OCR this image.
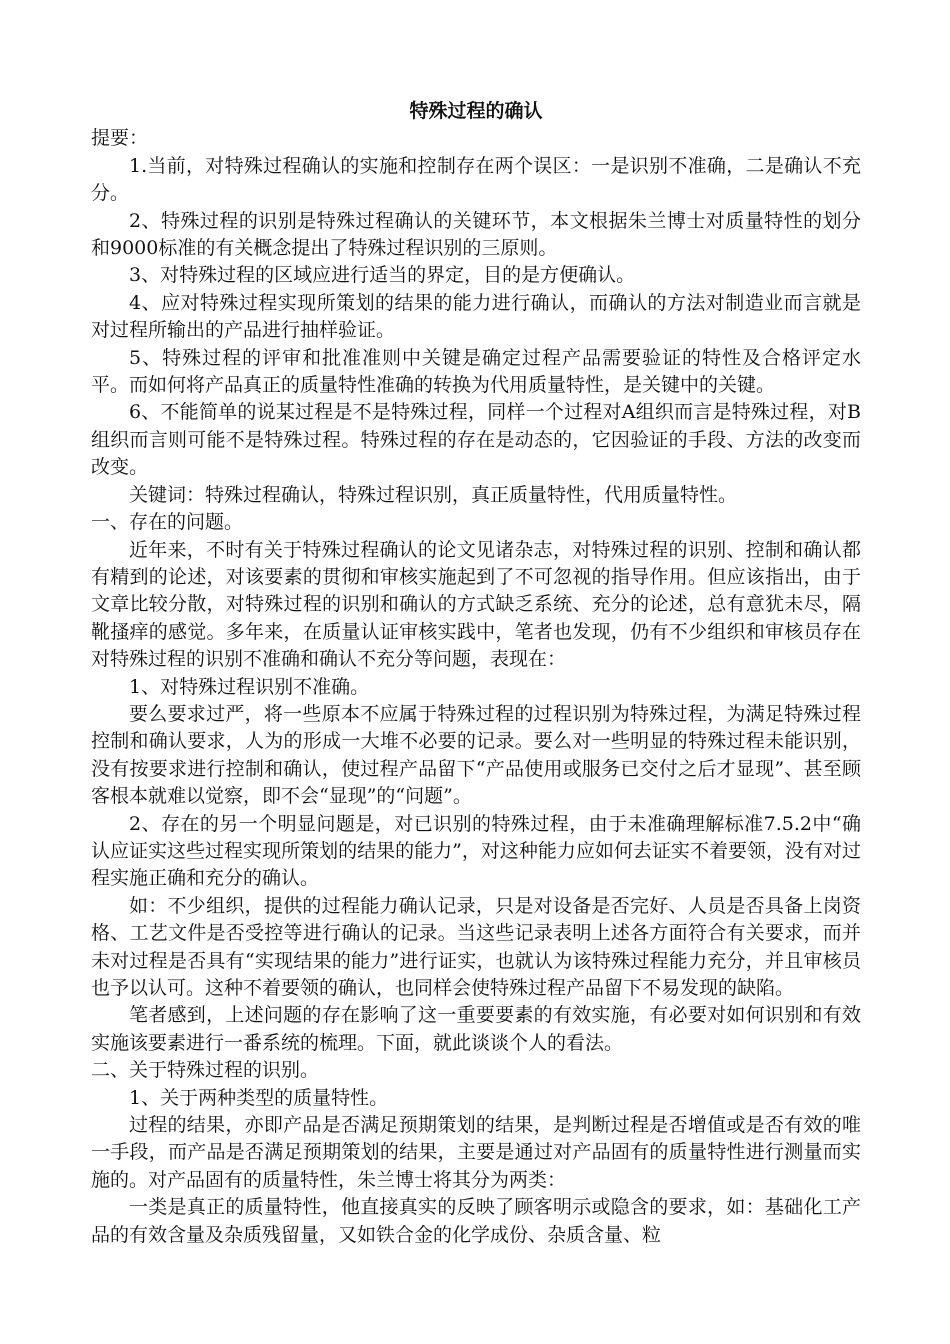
特殊过程的确认

提要：

1.当前，对特殊过程确认的实施和控制存在两个误区：一是识别不准确，二是确认不充分。

2、特殊过程的识别是特殊过程确认的关键环节，本文根据朱兰博士对质量特性的划分和9000标准的有关概念提出了特殊过程识别的三原则。

3、对特殊过程的区域应进行适当的界定，目的是方便确认。

4、应对特殊过程实现所策划的结果的能力进行确认，而确认的方法对制造业而言就是对过程所输出的产品进行抽样验证。

5、特殊过程的评审和批准准则中关键是确定过程产品需要验证的特性及合格评定水平。而如何将产品真正的质量特性准确的转换为代用质量特性，是关键中的关键。

6、不能简单的说某过程是不是特殊过程，同样一个过程对A组织而言是特殊过程，对B组织而言则可能不是特殊过程。特殊过程的存在是动态的，它因验证的手段、方法的改变而改变。

关键词：特殊过程确认，特殊过程识别，真正质量特性，代用质量特性。

一、存在的问题。

近年来，不时有关于特殊过程确认的论文见诸杂志，对特殊过程的识别、控制和确认都有精到的论述，对该要素的贯彻和审核实施起到了不可忽视的指导作用。但应该指出，由于文章比较分散，对特殊过程的识别和确认的方式缺乏系统、充分的论述，总有意犹未尽，隔靴搔痒的感觉。多年来，在质量认证审核实践中，笔者也发现，仍有不少组织和审核员存在对特殊过程的识别不准确和确认不充分等问题，表现在：

1、对特殊过程识别不准确。

要么要求过严，将一些原本不应属于特殊过程的过程识别为特殊过程，为满足特殊过程控制和确认要求，人为的形成一大堆不必要的记录。要么对一些明显的特殊过程未能识别，没有按要求进行控制和确认，使过程产品留下“产品使用或服务已交付之后才显现”、甚至顾客根本就难以觉察，即不会“显现”的“问题”。

2、存在的另一个明显问题是，对已识别的特殊过程，由于未准确理解标准7.5.2中“确认应证实这些过程实现所策划的结果的能力”，对这种能力应如何去证实不着要领，没有对过程实施正确和充分的确认。

如：不少组织，提供的过程能力确认记录，只是对设备是否完好、人员是否具备上岗资格、工艺文件是否受控等进行确认的记录。当这些记录表明上述各方面符合有关要求，而并未对过程是否具有“实现结果的能力”进行证实，也就认为该特殊过程能力充分，并且审核员也予以认可。这种不着要领的确认，也同样会使特殊过程产品留下不易发现的缺陷。

笔者感到，上述问题的存在影响了这一重要要素的有效实施，有必要对如何识别和有效实施该要素进行一番系统的梳理。下面，就此谈谈个人的看法。

二、关于特殊过程的识别。

1、关于两种类型的质量特性。

过程的结果，亦即产品是否满足预期策划的结果，是判断过程是否增值或是否有效的唯一手段，而产品是否满足预期策划的结果，主要是通过对产品固有的质量特性进行测量而实施的。对产品固有的质量特性，朱兰博士将其分为两类：

一类是真正的质量特性，他直接真实的反映了顾客明示或隐含的要求，如：基础化工产品的有效含量及杂质残留量，又如铁合金的化学成份、杂质含量、粒
